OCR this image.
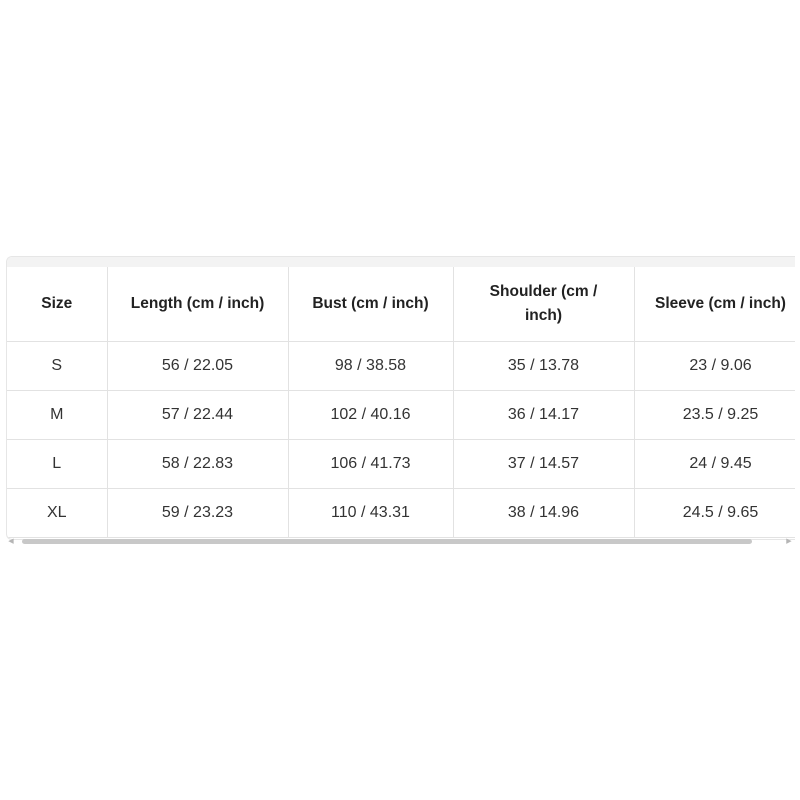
Size	Length (cm / inch)	Bust (cm / inch)	Shoulder (cm / inch)	Sleeve (cm / inch)
S	56 / 22.05	98 / 38.58	35 / 13.78	23 / 9.06
M	57 / 22.44	102 / 40.16	36 / 14.17	23.5 / 9.25
L	58 / 22.83	106 / 41.73	37 / 14.57	24 / 9.45
XL	59 / 23.23	110 / 43.31	38 / 14.96	24.5 / 9.65
◀	▶
